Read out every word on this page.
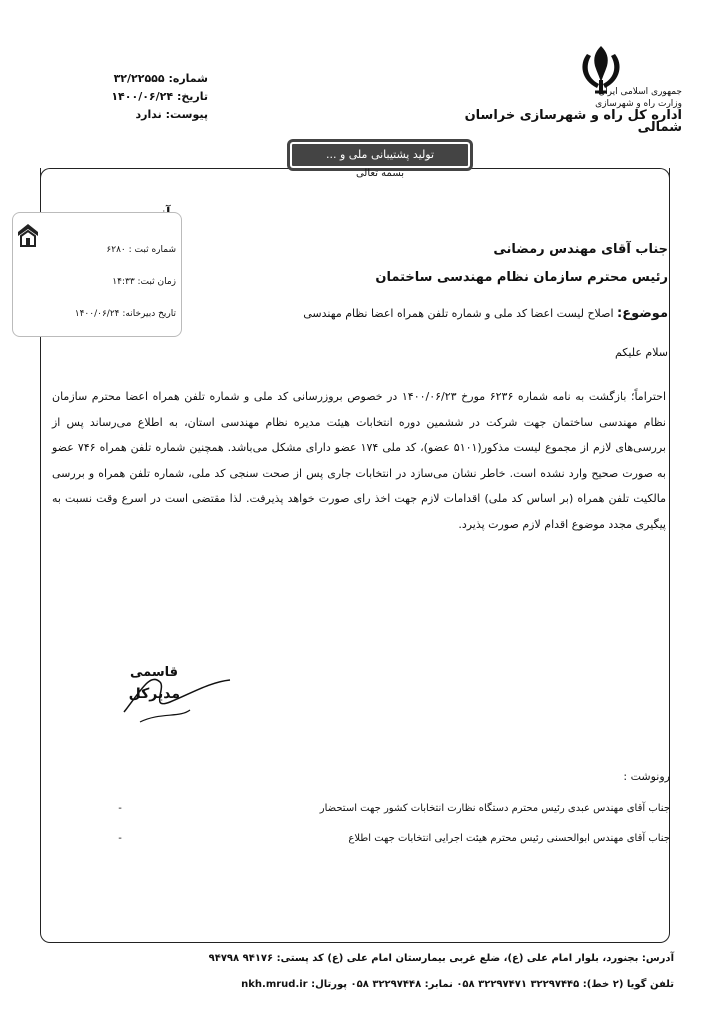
جمهوری اسلامی ایران
وزارت راه و شهرسازی
اداره کل راه و شهرسازی خراسان شمالی
شماره: ۳۲/۲۲۵۵۵
تاریخ: ۱۴۰۰/۰۶/۲۴
پیوست: ندارد
تولید پشتیبانی ملی و ...
بسمه تعالی
شماره ثبت : ۶۲۸۰
زمان ثبت: ۱۴:۳۳
تاریخ دبیرخانه: ۱۴۰۰/۰۶/۲۴
جناب آقای مهندس رمضانی
رئیس محترم سازمان نظام مهندسی ساختمان
موضوع: اصلاح لیست اعضا کد ملی و شماره تلفن همراه اعضا نظام مهندسی
سلام علیکم
احتراماً؛ بازگشت به نامه شماره ۶۲۳۶ مورخ ۱۴۰۰/۰۶/۲۳ در خصوص بروزرسانی کد ملی و شماره تلفن همراه اعضا محترم سازمان نظام مهندسی ساختمان جهت شرکت در ششمین دوره انتخابات هیئت مدیره نظام مهندسی استان، به اطلاع می‌رساند پس از بررسی‌های لازم از مجموع لیست مذکور(۵۱۰۱ عضو)، کد ملی ۱۷۴ عضو دارای مشکل می‌باشد. همچنین شماره تلفن همراه ۷۴۶ عضو به صورت صحیح وارد نشده است. خاطر نشان می‌سازد در انتخابات جاری پس از صحت سنجی کد ملی، شماره تلفن همراه و بررسی مالکیت تلفن همراه (بر اساس کد ملی) اقدامات لازم جهت اخذ رای صورت خواهد پذیرفت. لذا مقتضی است در اسرع وقت نسبت به پیگیری مجدد موضوع اقدام لازم صورت پذیرد.
قاسمی
مدیرکل
رونوشت :
جناب آقای مهندس عبدی رئیس محترم دستگاه نظارت انتخابات کشور جهت استحضار
-
جناب آقای مهندس ابوالحسنی رئیس محترم هیئت اجرایی انتخابات جهت اطلاع
-
آدرس: بجنورد، بلوار امام علی (ع)، ضلع غربی بیمارستان امام علی (ع) کد پستی: ۹۴۱۷۶ ۹۴۷۹۸
تلفن گویا (۲ خط): ۳۲۲۹۷۴۴۵ ۳۲۲۹۷۴۷۱ ۰۵۸ نمابر: ۳۲۲۹۷۴۴۸ ۰۵۸ پورتال: nkh.mrud.ir
